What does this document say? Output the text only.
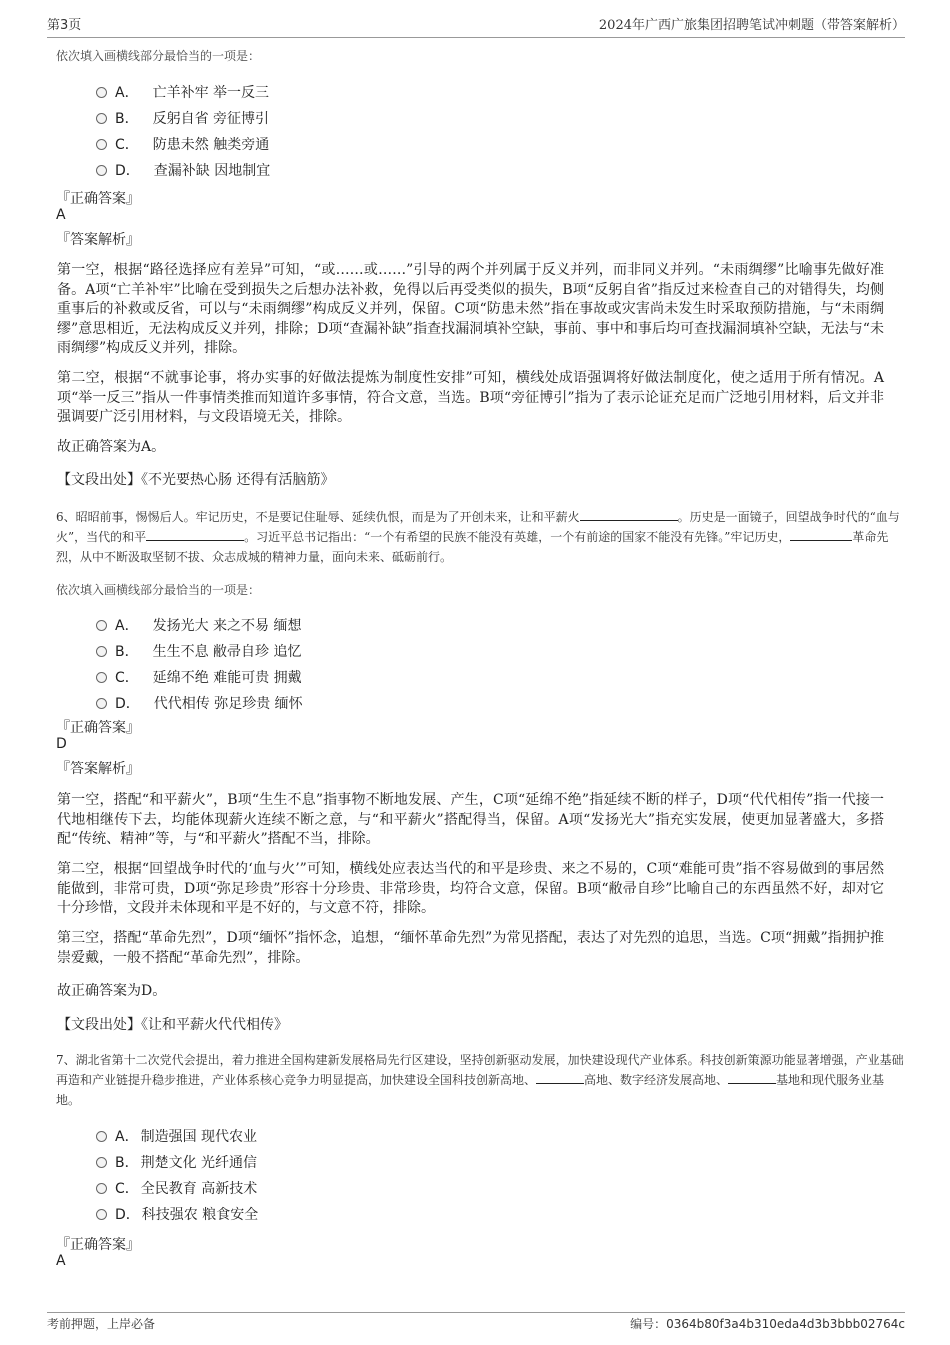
第3页	2024年广西广旅集团招聘笔试冲刺题（带答案解析）
依次填入画横线部分最恰当的一项是：
A． 亡羊补牢 举一反三
B． 反躬自省 旁征博引
C． 防患未然 触类旁通
D． 查漏补缺 因地制宜
『正确答案』
A
『答案解析』
第一空，根据“路径选择应有差异”可知，“或……或……”引导的两个并列属于反义并列，而非同义并列。“未雨绸缪”比喻事先做好准备。A项“亡羊补牢”比喻在受到损失之后想办法补救，免得以后再受类似的损失，B项“反躬自省”指反过来检查自己的对错得失，均侧重事后的补救或反省，可以与“未雨绸缪”构成反义并列，保留。C项“防患未然”指在事故或灾害尚未发生时采取预防措施，与“未雨绸缪”意思相近，无法构成反义并列，排除；D项“查漏补缺”指查找漏洞填补空缺，事前、事中和事后均可查找漏洞填补空缺，无法与“未雨绸缪”构成反义并列，排除。
第二空，根据“不就事论事，将办实事的好做法提炼为制度性安排”可知，横线处成语强调将好做法制度化，使之适用于所有情况。A项“举一反三”指从一件事情类推而知道许多事情，符合文意，当选。B项“旁征博引”指为了表示论证充足而广泛地引用材料，后文并非强调要广泛引用材料，与文段语境无关，排除。
故正确答案为A。
【文段出处】《不光要热心肠 还得有活脑筋》
6、昭昭前事，惕惕后人。牢记历史，不是要记住耻辱、延续仇恨，而是为了开创未来，让和平薪火	。历史是一面镜子，回望战争时代的“血与火”，当代的和平	。习近平总书记指出：“一个有希望的民族不能没有英雄，一个有前途的国家不能没有先锋。”牢记历史，	革命先烈，从中不断汲取坚韧不拔、众志成城的精神力量，面向未来、砥砺前行。
依次填入画横线部分最恰当的一项是：
A． 发扬光大 来之不易 缅想
B． 生生不息 敝帚自珍 追忆
C． 延绵不绝 难能可贵 拥戴
D． 代代相传 弥足珍贵 缅怀
『正确答案』
D
『答案解析』
第一空，搭配“和平薪火”，B项“生生不息”指事物不断地发展、产生，C项“延绵不绝”指延续不断的样子，D项“代代相传”指一代接一代地相继传下去，均能体现薪火连续不断之意，与“和平薪火”搭配得当，保留。A项“发扬光大”指充实发展，使更加显著盛大，多搭配“传统、精神”等，与“和平薪火”搭配不当，排除。
第二空，根据“回望战争时代的‘血与火’”可知，横线处应表达当代的和平是珍贵、来之不易的，C项“难能可贵”指不容易做到的事居然能做到，非常可贵，D项“弥足珍贵”形容十分珍贵、非常珍贵，均符合文意，保留。B项“敝帚自珍”比喻自己的东西虽然不好，却对它十分珍惜，文段并未体现和平是不好的，与文意不符，排除。
第三空，搭配“革命先烈”，D项“缅怀”指怀念，追想，“缅怀革命先烈”为常见搭配，表达了对先烈的追思，当选。C项“拥戴”指拥护推崇爱戴，一般不搭配“革命先烈”，排除。
故正确答案为D。
【文段出处】《让和平薪火代代相传》
7、湖北省第十二次党代会提出，着力推进全国构建新发展格局先行区建设，坚持创新驱动发展，加快建设现代产业体系。科技创新策源功能显著增强，产业基础再造和产业链提升稳步推进，产业体系核心竞争力明显提高，加快建设全国科技创新高地、	高地、数字经济发展高地、	基地和现代服务业基地。
A． 制造强国 现代农业
B． 荆楚文化 光纤通信
C． 全民教育 高新技术
D． 科技强农 粮食安全
『正确答案』
A
考前押题，上岸必备	编号：0364b80f3a4b310eda4d3b3bbb02764c
